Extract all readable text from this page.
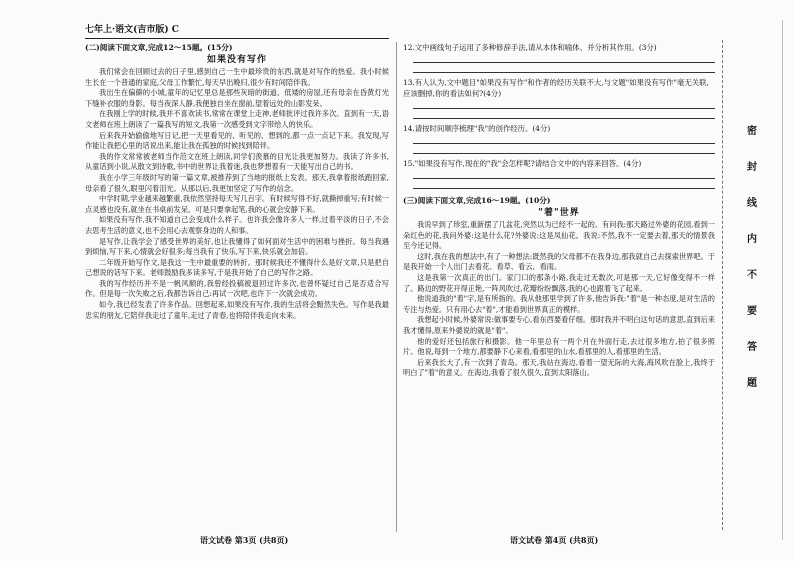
七年上·语文(吉市版) C
(二)阅读下面文章,完成12～15题。(15分)
如果没有写作

我们常会在回顾过去的日子里,感到自己一生中最珍贵的东西,就是对写作的热爱。我小时候生长在一个普通的家庭,父母工作繁忙,每天早出晚归,很少有时间陪伴我。

我出生在偏僻的小城,童年的记忆里总是那些灰暗的街道、低矮的房屋,还有母亲在昏黄灯光下缝补衣服的身影。每当夜深人静,我便独自坐在窗前,望着远处的山影发呆。

在我刚上学的时候,我并不喜欢读书,常常在课堂上走神,老师批评过我许多次。直到有一天,语文老师在班上朗读了一篇我写的短文,我第一次感受到文字带给人的快乐。

后来我开始偷偷地写日记,把一天里看见的、听见的、想到的,都一点一点记下来。我发现,写作能让我把心里的话说出来,能让我在孤独的时候找到陪伴。

我的作文常常被老师当作范文在班上朗读,同学们羡慕的目光让我更加努力。我读了许多书,从童话到小说,从散文到诗歌,书中的世界让我着迷,我也梦想着有一天能写出自己的书。

我在小学三年级时写的第一篇文章,被推荐到了当地的报纸上发表。那天,我拿着报纸跑回家,母亲看了很久,眼里闪着泪光。从那以后,我更加坚定了写作的信念。

中学时期,学业越来越繁重,我依然坚持每天写几百字。有时候写得不好,就撕掉重写;有时候一点灵感也没有,就坐在书桌前发呆。可是只要拿起笔,我的心就会安静下来。

如果没有写作,我不知道自己会变成什么样子。也许我会像许多人一样,过着平淡的日子,不会去思考生活的意义,也不会用心去观察身边的人和事。

是写作,让我学会了感受世界的美好,也让我懂得了如何面对生活中的困难与挫折。每当我遇到烦恼,写下来,心情就会好很多;每当我有了快乐,写下来,快乐就会加倍。

二年级开始写作文,是我这一生中最重要的转折。那时候我还不懂得什么是好文章,只是把自己想说的话写下来。老师鼓励我多读多写,于是我开始了自己的写作之路。

我的写作经历并不是一帆风顺的,我曾经投稿被退回过许多次,也曾怀疑过自己是否适合写作。但是每一次失败之后,我都告诉自己:再试一次吧,也许下一次就会成功。

如今,我已经发表了许多作品。回想起来,如果没有写作,我的生活将会黯然失色。写作是我最忠实的朋友,它陪伴我走过了童年,走过了青春,也将陪伴我走向未来。

语文试卷 第3页 (共8页)
12.文中画线句子运用了多种修辞手法,请从本体和喻体、并分析其作用。(3分)
13.有人认为,文中题目"如果没有写作"和作者的经历关联不大,与文题"如果没有写作"毫无关联,应该删掉,你的看法如何?(4分)
14.请按时间顺序梳理"我"的创作经历。(4分)
15."如果没有写作,现在的"我"会怎样呢?请结合文中的内容来回答。(4分)
(三)阅读下面文章,完成16～19题。(10分)
"着"世界

我说早到了珍室,重新摆了几盆花,突然以为已经不一起的。有问我:那天路过外婆的花园,看到一朵红色的花,我问外婆:这是什么花?外婆说:这是凤仙花。我说:不然,我不一定要去着,那天的情景我至今还记得。

这时,我在我的想法中,有了一种想法:既然我的父母都不在我身边,那我就自己去探索世界吧。于是我开始一个人出门去看花、看草、看云、看雨。

这是我第一次真正的出门。家门口的那条小路,我走过无数次,可是那一天,它好像变得不一样了。路边的野花开得正艳,一阵风吹过,花瓣纷纷飘落,我的心也跟着飞了起来。

他说道我的"着"字,是有所指的。我从他那里学到了许多,他告诉我:"着"是一种态度,是对生活的专注与热爱。只有用心去"着",才能看到世界真正的模样。

我想起小时候,外婆常说:做事要专心,看东西要看仔细。那时我并不明白这句话的意思,直到后来我才懂得,原来外婆说的就是"着"。

他的爱好还包括旅行和摄影。他一年里总有一两个月在外面行走,去过很多地方,拍了很多照片。他说,每到一个地方,都要静下心来看,看那里的山水,看那里的人,看那里的生活。

后来我长大了,有一次到了青岛。那天,我站在海边,看着一望无际的大海,海风吹在脸上,我终于明白了"着"的意义。在海边,我看了很久很久,直到太阳落山。

语文试卷 第4页 (共8页)
密
封
线
内
不
要
答
题
